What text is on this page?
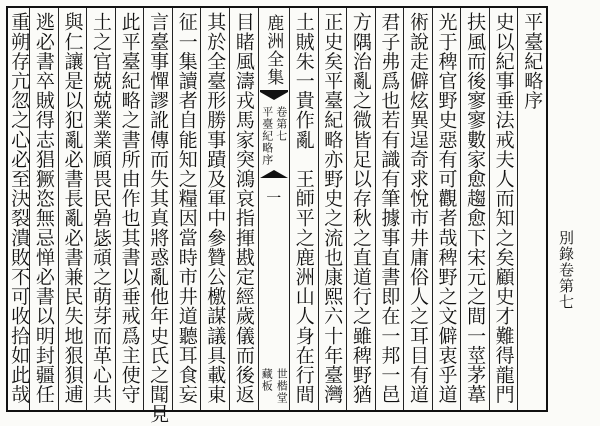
平臺紀略序
史以紀事垂法戒夫人而知之矣顧史才難得龍門
扶風而後寥寥數家愈趨愈下宋元之間一莖茅葦
光于稗官野史惡有可觀者哉稗野之文僻衷乎道
術說走僻炫異逞奇求悅市井庸俗人之耳目有道
君子弗爲也若有識有筆據事直書即在一邦一邑
方隅治亂之微皆足以存秋之直道行之雖稗野猶
正史矣平臺紀略亦野史之流也康熙六十年臺灣
土賊朱一貴作亂　王師平之鹿洲山人身在行間
鹿洲全集
卷第七
平臺紀略序
一
世楷堂
藏板
目睹風濤戎馬家突鴻哀指揮戡定經歲儀而後返
其於全臺形勝事蹟及軍中參贊公檄謀議具載東
征一集讀者自能知之糧因當時市井道聽耳食妄
言臺事憚謬訛傳而失其真將惑亂他年史氏之聞見
此平臺紀略之書所由作也其書以垂戒爲主使守
土之官兢兢業業頋畏民碞毖頑之萌芽而革心共
與仁讓是以犯亂必書長亂必書兼民失地狠狽逋
逃必書卒賊得志猖獗恣無忌惮必書以明封疆任
重朔存亢忽之心必至決裂潰敗不可收拾如此哉	別錄卷第七
